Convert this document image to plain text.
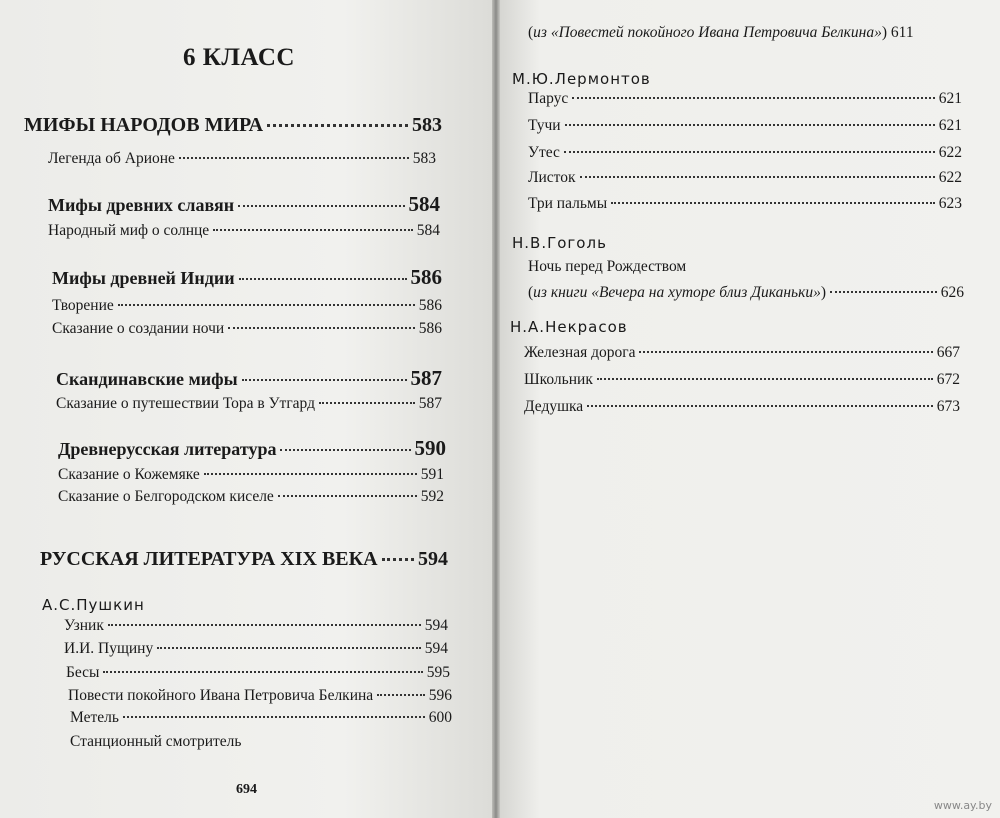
6 КЛАСС
МИФЫ НАРОДОВ МИРА	583
Легенда об Арионе	583
Мифы древних славян	584
Народный миф о солнце	584
Мифы древней Индии	586
Творение	586
Сказание о создании ночи	586
Скандинавские мифы	587
Сказание о путешествии Тора в Утгард	587
Древнерусская литература	590
Сказание о Кожемяке	591
Сказание о Белгородском киселе	592
РУССКАЯ ЛИТЕРАТУРА XIX ВЕКА 594
А.С.Пушкин
Узник	594
И.И. Пущину	594
Бесы	595
Повести покойного Ивана Петровича Белкина	596
Метель	600
Станционный смотритель
694
(из «Повестей покойного Ивана Петровича Белкина») 611
М.Ю.Лермонтов
Парус	621
Тучи	621
Утес	622
Листок	622
Три пальмы	623
Н.В.Гоголь
Ночь перед Рождеством
(из книги «Вечера на хуторе близ Диканьки»)	626
Н.А.Некрасов
Железная дорога	667
Школьник	672
Дедушка	673
www.ay.by
